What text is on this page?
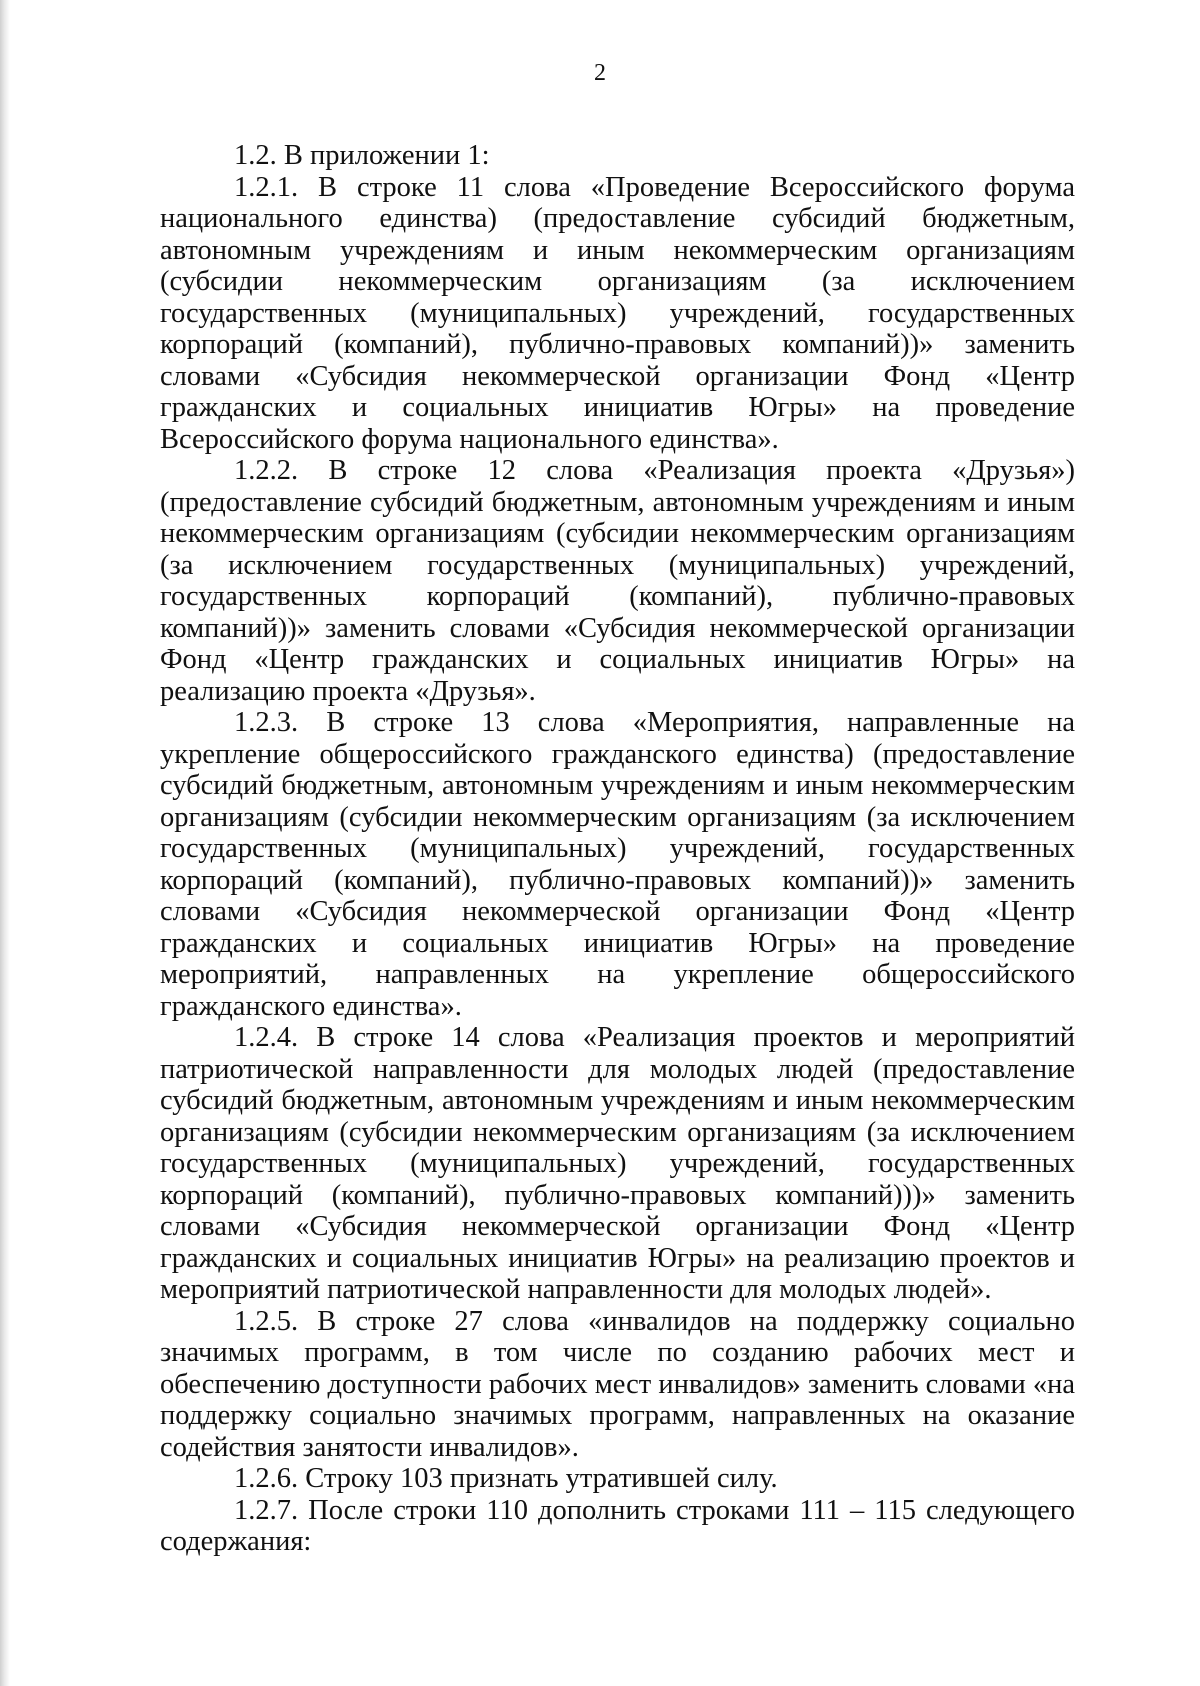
2

1.2. В приложении 1:

1.2.1. В строке 11 слова «Проведение Всероссийского форума национального единства) (предоставление субсидий бюджетным, автономным учреждениям и иным некоммерческим организациям (субсидии некоммерческим организациям (за исключением государственных (муниципальных) учреждений, государственных корпораций (компаний), публично-правовых компаний))» заменить словами «Субсидия некоммерческой организации Фонд «Центр гражданских и социальных инициатив Югры» на проведение Всероссийского форума национального единства».

1.2.2. В строке 12 слова «Реализация проекта «Друзья») (предоставление субсидий бюджетным, автономным учреждениям и иным некоммерческим организациям (субсидии некоммерческим организациям (за исключением государственных (муниципальных) учреждений, государственных корпораций (компаний), публично-правовых компаний))» заменить словами «Субсидия некоммерческой организации Фонд «Центр гражданских и социальных инициатив Югры» на реализацию проекта «Друзья».

1.2.3. В строке 13 слова «Мероприятия, направленные на укрепление общероссийского гражданского единства) (предоставление субсидий бюджетным, автономным учреждениям и иным некоммерческим организациям (субсидии некоммерческим организациям (за исключением государственных (муниципальных) учреждений, государственных корпораций (компаний), публично-правовых компаний))» заменить словами «Субсидия некоммерческой организации Фонд «Центр гражданских и социальных инициатив Югры» на проведение мероприятий, направленных на укрепление общероссийского гражданского единства».

1.2.4. В строке 14 слова «Реализация проектов и мероприятий патриотической направленности для молодых людей (предоставление субсидий бюджетным, автономным учреждениям и иным некоммерческим организациям (субсидии некоммерческим организациям (за исключением государственных (муниципальных) учреждений, государственных корпораций (компаний), публично-правовых компаний)))» заменить словами «Субсидия некоммерческой организации Фонд «Центр гражданских и социальных инициатив Югры» на реализацию проектов и мероприятий патриотической направленности для молодых людей».

1.2.5. В строке 27 слова «инвалидов на поддержку социально значимых программ, в том числе по созданию рабочих мест и обеспечению доступности рабочих мест инвалидов» заменить словами «на поддержку социально значимых программ, направленных на оказание содействия занятости инвалидов».

1.2.6. Строку 103 признать утратившей силу.

1.2.7. После строки 110 дополнить строками 111 – 115 следующего содержания:
